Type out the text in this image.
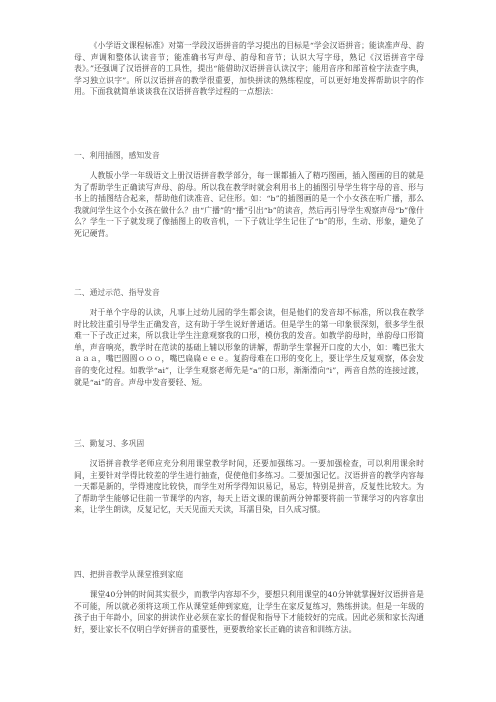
《小学语文课程标准》对第一学段汉语拼音的学习提出的目标是“学会汉语拼音；能读准声母、韵母、声调和整体认读音节；能准确书写声母、韵母和音节；认识大写字母，熟记《汉语拼音字母表》。”还强调了汉语拼音的工具性，提出“能借助汉语拼音认读汉字；能用音序和部首检字法查字典，学习独立识字”。所以汉语拼音的教学很重要，加快拼读的熟练程度，可以更好地发挥帮助识字的作用。下面我就简单谈谈我在汉语拼音教学过程的一点想法：

一、利用插图，感知发音

人教版小学一年级语文上册汉语拼音教学部分，每一课都插入了精巧图画，插入图画的目的就是为了帮助学生正确读写声母、韵母。所以我在教学时就会利用书上的插图引导学生将字母的音、形与书上的插图结合起来，帮助他们读准音、记住形。如：“b”的插图画的是一个小女孩在听广播，那么我就问学生这个小女孩在做什么？由“广播”的“播”引出“b”的读音，然后再引导学生观察声母“b”像什么？学生一下子就发现了像插图上的收音机，一下子就让学生记住了“b”的形，生动、形象，避免了死记硬背。

二、通过示范、指导发音

对于单个字母的认读，凡事上过幼儿园的学生都会读，但是他们的发音却不标准，所以我在教学时比较注重引导学生正确发音，这有助于学生说好普通话。但是学生的第一印象很深刻，很多学生很难一下子改正过来，所以我让学生注意观察我的口形，模仿我的发音。如教学韵母时，单韵母口形简单，声音响亮，教学时在范读的基础上辅以形象的讲解，帮助学生掌握开口度的大小，如：嘴巴张大ａａａ，嘴巴圆圆ｏｏｏ，嘴巴扁扁ｅｅｅ。复韵母难在口形的变化上，要让学生反复观察，体会发音的变化过程。如教学“ai”，让学生观察老师先是“a”的口形，渐渐滑向“i”，两音自然的连接过渡，就是“ai”的音。声母中发音要轻、短。

三、勤复习、多巩固

汉语拼音教学老师应充分利用课堂教学时间，还要加强练习。一要加强检查，可以利用课余时间，主要针对学得比较差的学生进行抽查，促使他们多练习。二要加强记忆。汉语拼音的教学内容每一天都是新的，学得速度比较快，而学生对所学得知识易记，易忘，特别是拼音，反复性比较大。为了帮助学生能够记住前一节课学的内容，每天上语文课的课前两分钟都要将前一节课学习的内容拿出来，让学生朗读，反复记忆，天天见面天天读，耳濡目染，日久成习惯。

四、把拼音教学从课堂推到家庭

课堂40分钟的时间其实很少，而教学内容却不少，要想只利用课堂的40分钟就掌握好汉语拼音是不可能，所以就必须将这项工作从课堂延伸到家庭，让学生在家反复练习，熟练拼读。但是一年级的孩子由于年龄小，回家的拼读作业必须在家长的督促和指导下才能较好的完成。因此必须和家长沟通好，要让家长不仅明白学好拼音的重要性，更要教给家长正确的读音和训练方法。
